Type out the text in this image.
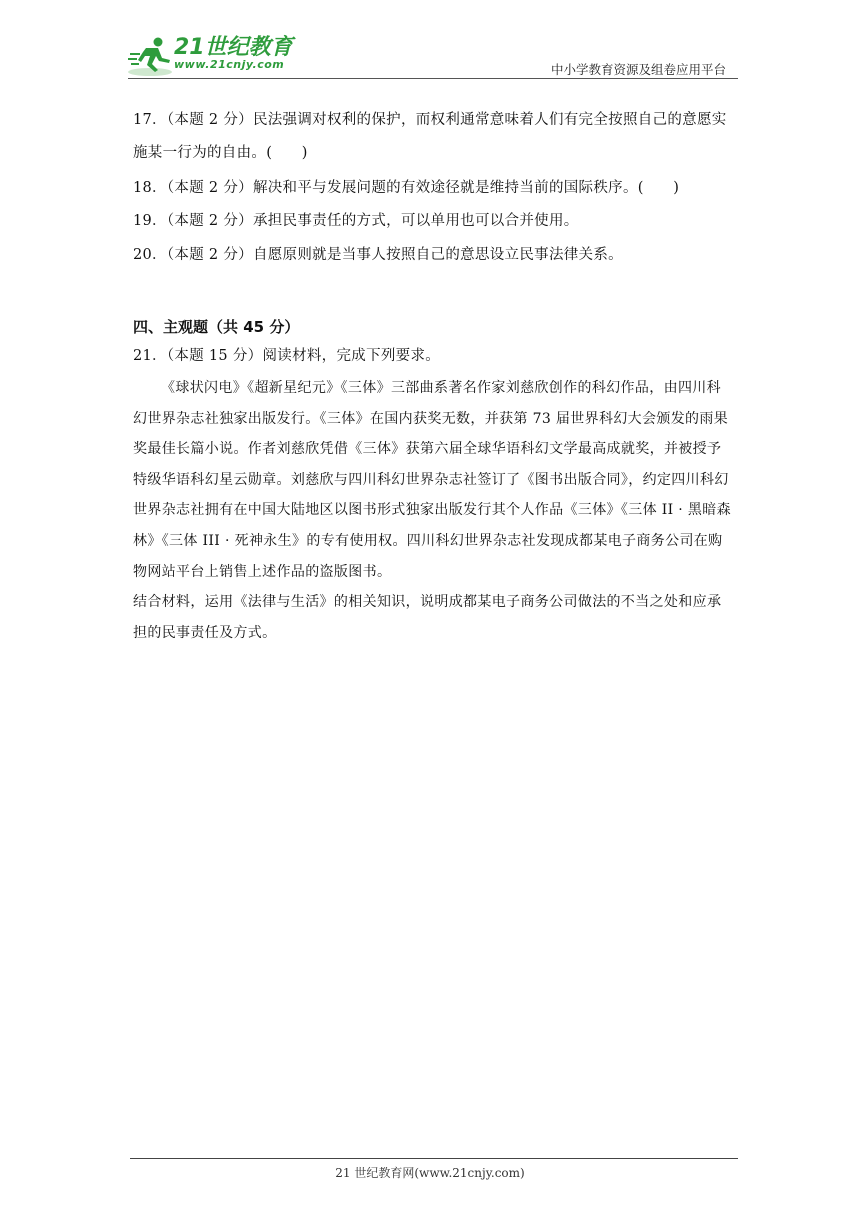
21世纪教育
www.21cnjy.com	中小学教育资源及组卷应用平台
17．（本题 2 分）民法强调对权利的保护，而权利通常意味着人们有完全按照自己的意愿实施某一行为的自由。(　　)
18．（本题 2 分）解决和平与发展问题的有效途径就是维持当前的国际秩序。(　　)
19．（本题 2 分）承担民事责任的方式，可以单用也可以合并使用。
20．（本题 2 分）自愿原则就是当事人按照自己的意思设立民事法律关系。
四、主观题（共 45 分）
21．（本题 15 分）阅读材料，完成下列要求。

《球状闪电》《超新星纪元》《三体》三部曲系著名作家刘慈欣创作的科幻作品，由四川科幻世界杂志社独家出版发行。《三体》在国内获奖无数，并获第 73 届世界科幻大会颁发的雨果奖最佳长篇小说。作者刘慈欣凭借《三体》获第六届全球华语科幻文学最高成就奖，并被授予特级华语科幻星云勋章。刘慈欣与四川科幻世界杂志社签订了《图书出版合同》，约定四川科幻世界杂志社拥有在中国大陆地区以图书形式独家出版发行其个人作品《三体》《三体 II · 黑暗森林》《三体 III · 死神永生》的专有使用权。四川科幻世界杂志社发现成都某电子商务公司在购物网站平台上销售上述作品的盗版图书。

结合材料，运用《法律与生活》的相关知识，说明成都某电子商务公司做法的不当之处和应承担的民事责任及方式。

21 世纪教育网(www.21cnjy.com)
